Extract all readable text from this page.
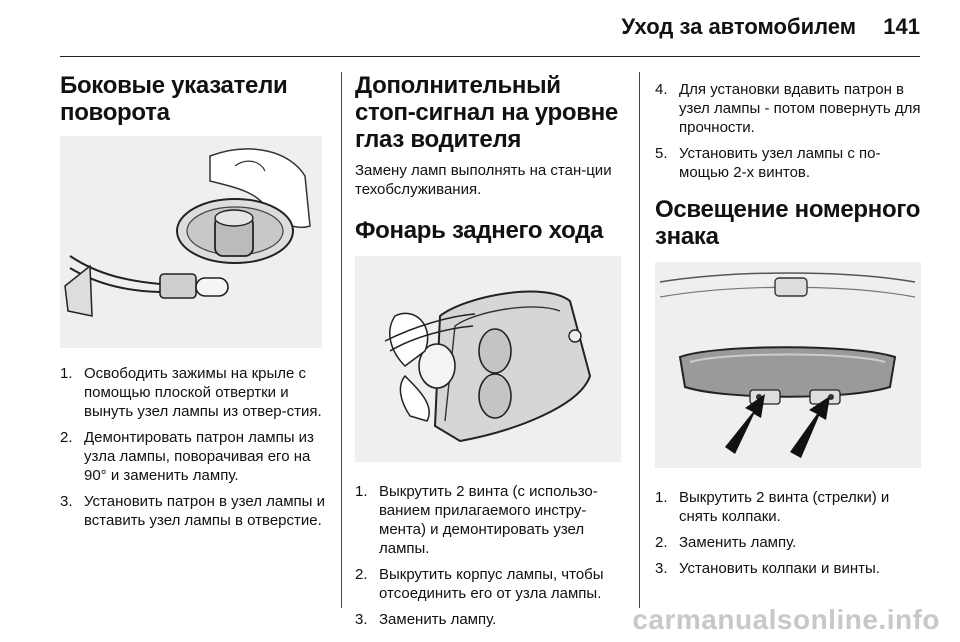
Уход за автомобилем 141
Боковые указатели
поворота
1. Освободить зажимы на крыле с помощью плоской отвертки и вынуть узел лампы из отвер-стия.
2. Демонтировать патрон лампы из узла лампы, поворачивая его на 90° и заменить лампу.
3. Установить патрон в узел лампы и вставить узел лампы в отверстие.
Дополнительный
стоп-сигнал на уровне
глаз водителя

Замену ламп выполнять на стан-ции техобслуживания.

Фонарь заднего хода
1. Выкрутить 2 винта (с использо-ванием прилагаемого инстру-мента) и демонтировать узел лампы.
2. Выкрутить корпус лампы, чтобы отсоединить его от узла лампы.
3. Заменить лампу.
4. Для установки вдавить патрон в узел лампы - потом повернуть для прочности.
5. Установить узел лампы с по-мощью 2-х винтов.
Освещение номерного
знака
1. Выкрутить 2 винта (стрелки) и снять колпаки.
2. Заменить лампу.
3. Установить колпаки и винты.
carmanualsonline.info
